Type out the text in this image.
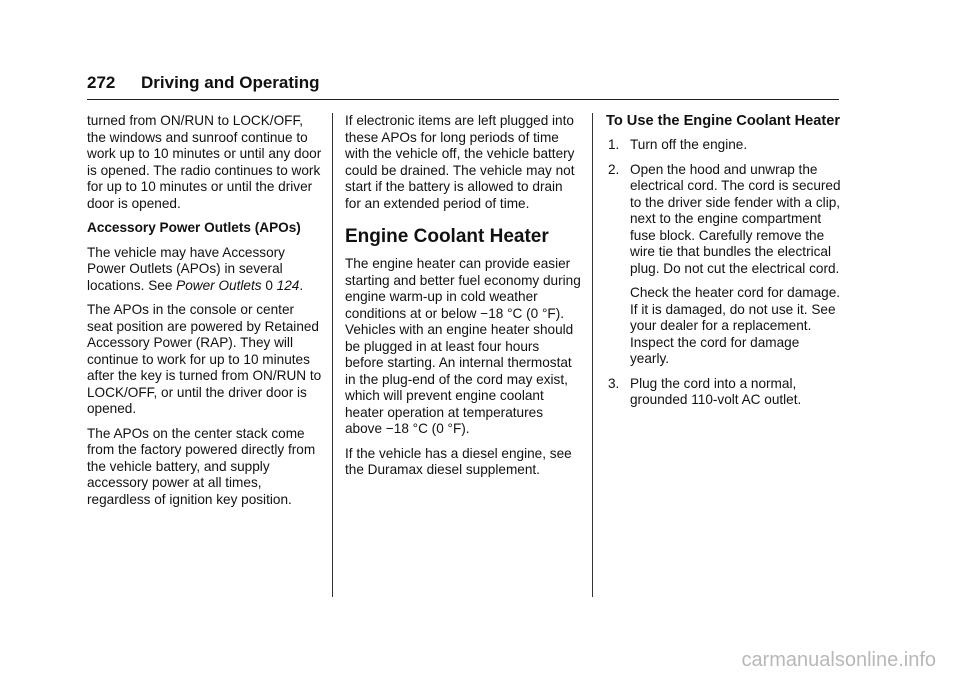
272 Driving and Operating

turned from ON/RUN to LOCK/OFF, the windows and sunroof continue to work up to 10 minutes or until any door is opened. The radio continues to work for up to 10 minutes or until the driver door is opened.

Accessory Power Outlets (APOs)

The vehicle may have Accessory Power Outlets (APOs) in several locations. See Power Outlets 0 124.

The APOs in the console or center seat position are powered by Retained Accessory Power (RAP). They will continue to work for up to 10 minutes after the key is turned from ON/RUN to LOCK/OFF, or until the driver door is opened.

The APOs on the center stack come from the factory powered directly from the vehicle battery, and supply accessory power at all times, regardless of ignition key position.

If electronic items are left plugged into these APOs for long periods of time with the vehicle off, the vehicle battery could be drained. The vehicle may not start if the battery is allowed to drain for an extended period of time.

Engine Coolant Heater

The engine heater can provide easier starting and better fuel economy during engine warm-up in cold weather conditions at or below −18 °C (0 °F). Vehicles with an engine heater should be plugged in at least four hours before starting. An internal thermostat in the plug-end of the cord may exist, which will prevent engine coolant heater operation at temperatures above −18 °C (0 °F).

If the vehicle has a diesel engine, see the Duramax diesel supplement.

To Use the Engine Coolant Heater
1. Turn off the engine.
2. Open the hood and unwrap the electrical cord. The cord is secured to the driver side fender with a clip, next to the engine compartment fuse block. Carefully remove the wire tie that bundles the electrical plug. Do not cut the electrical cord.
Check the heater cord for damage. If it is damaged, do not use it. See your dealer for a replacement. Inspect the cord for damage yearly.
3. Plug the cord into a normal, grounded 110-volt AC outlet.
carmanualsonline.info
